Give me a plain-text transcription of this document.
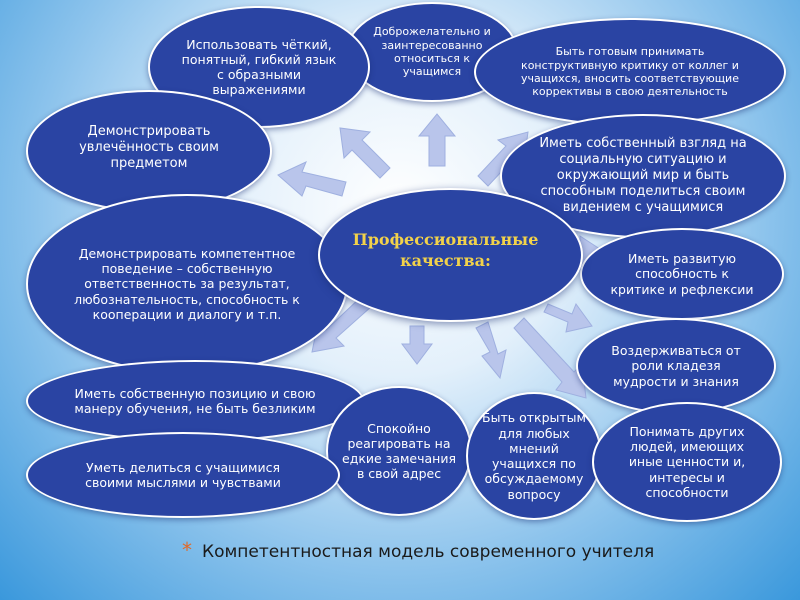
Доброжелательно и заинтересованно относиться к учащимся
Быть готовым принимать конструктивную критику от коллег и учащихся, вносить соответствующие коррективы в свою деятельность
Использовать чёткий, понятный, гибкий язык с образными выражениями
Демонстрировать увлечённость своим предметом
Иметь собственный взгляд на социальную ситуацию и окружающий мир и быть способным поделиться своим видением с учащимися
Демонстрировать компетентное поведение – собственную ответственность за результат, любознательность, способность к кооперации и диалогу и т.п.
Иметь развитую способность к критике и рефлексии
Воздерживаться от роли кладезя мудрости и знания
Иметь собственную позицию и свою манеру обучения, не быть безликим
Спокойно реагировать на едкие замечания в свой адрес
Быть открытым для любых мнений учащихся по обсуждаемому вопросу
Понимать других людей, имеющих иные ценности и, интересы и способности
Уметь делиться с учащимися своими мыслями и чувствами
Профессиональные качества:
* Компетентностная модель современного учителя
